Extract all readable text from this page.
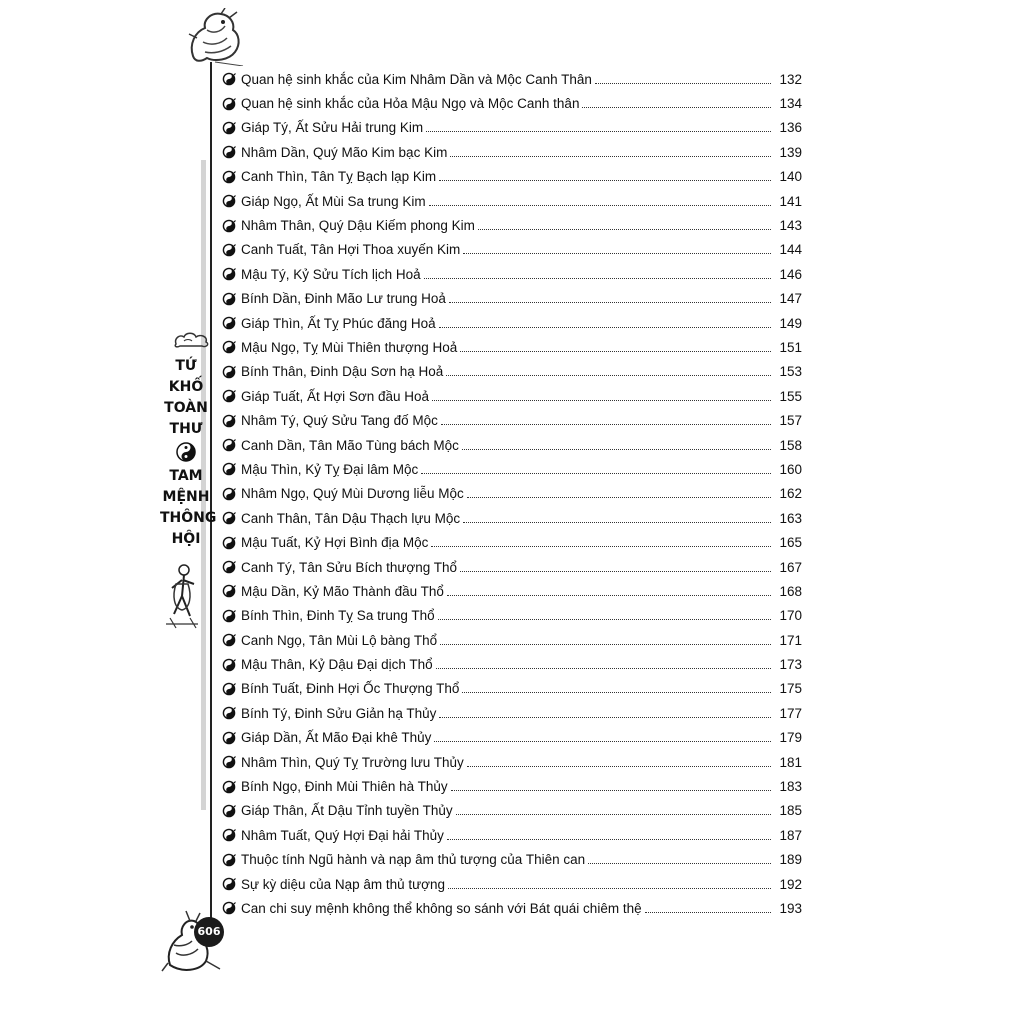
TỨ
KHỐ
TOÀN
THƯ
TAM
MỆNH
THÔNG
HỘI
Quan hệ sinh khắc của Kim Nhâm Dần và Mộc Canh Thân	132
Quan hệ sinh khắc của Hỏa Mậu Ngọ và Mộc Canh thân	134
Giáp Tý, Ất Sửu Hải trung Kim	136
Nhâm Dần, Quý Mão Kim bạc Kim	139
Canh Thìn, Tân Tỵ Bạch lạp Kim	140
Giáp Ngọ, Ất Mùi Sa trung Kim	141
Nhâm Thân, Quý Dậu Kiếm phong Kim	143
Canh Tuất, Tân Hợi Thoa xuyến Kim	144
Mậu Tý, Kỷ Sửu Tích lịch Hoả	146
Bính Dần, Đinh Mão Lư trung Hoả	147
Giáp Thìn, Ất Tỵ Phúc đăng Hoả	149
Mậu Ngọ, Tỵ Mùi Thiên thượng Hoả	151
Bính Thân, Đinh Dậu Sơn hạ Hoả	153
Giáp Tuất, Ất Hợi Sơn đầu Hoả	155
Nhâm Tý, Quý Sửu Tang đố Mộc	157
Canh Dần, Tân Mão Tùng bách Mộc	158
Mậu Thìn, Kỷ Tỵ Đại lâm Mộc	160
Nhâm Ngọ, Quý Mùi Dương liễu Mộc	162
Canh Thân, Tân Dậu Thạch lựu Mộc	163
Mậu Tuất, Kỷ Hợi Bình địa Mộc	165
Canh Tý, Tân Sửu Bích thượng Thổ	167
Mậu Dần, Kỷ Mão Thành đầu Thổ	168
Bính Thìn, Đinh Tỵ Sa trung Thổ	170
Canh Ngọ, Tân Mùi Lộ bàng Thổ	171
Mậu Thân, Kỷ Dậu Đại dịch Thổ	173
Bính Tuất, Đinh Hợi Ốc Thượng Thổ	175
Bính Tý, Đinh Sửu Giản hạ Thủy	177
Giáp Dần, Ất Mão Đại khê Thủy	179
Nhâm Thìn, Quý Tỵ Trường lưu Thủy	181
Bính Ngọ, Đinh Mùi Thiên hà Thủy	183
Giáp Thân, Ất Dậu Tỉnh tuyền Thủy	185
Nhâm Tuất, Quý Hợi Đại hải Thủy	187
Thuộc tính Ngũ hành và nạp âm thủ tượng của Thiên can	189
Sự kỳ diệu của Nạp âm thủ tượng	192
Can chi suy mệnh không thể không so sánh với Bát quái chiêm thệ	193
606
